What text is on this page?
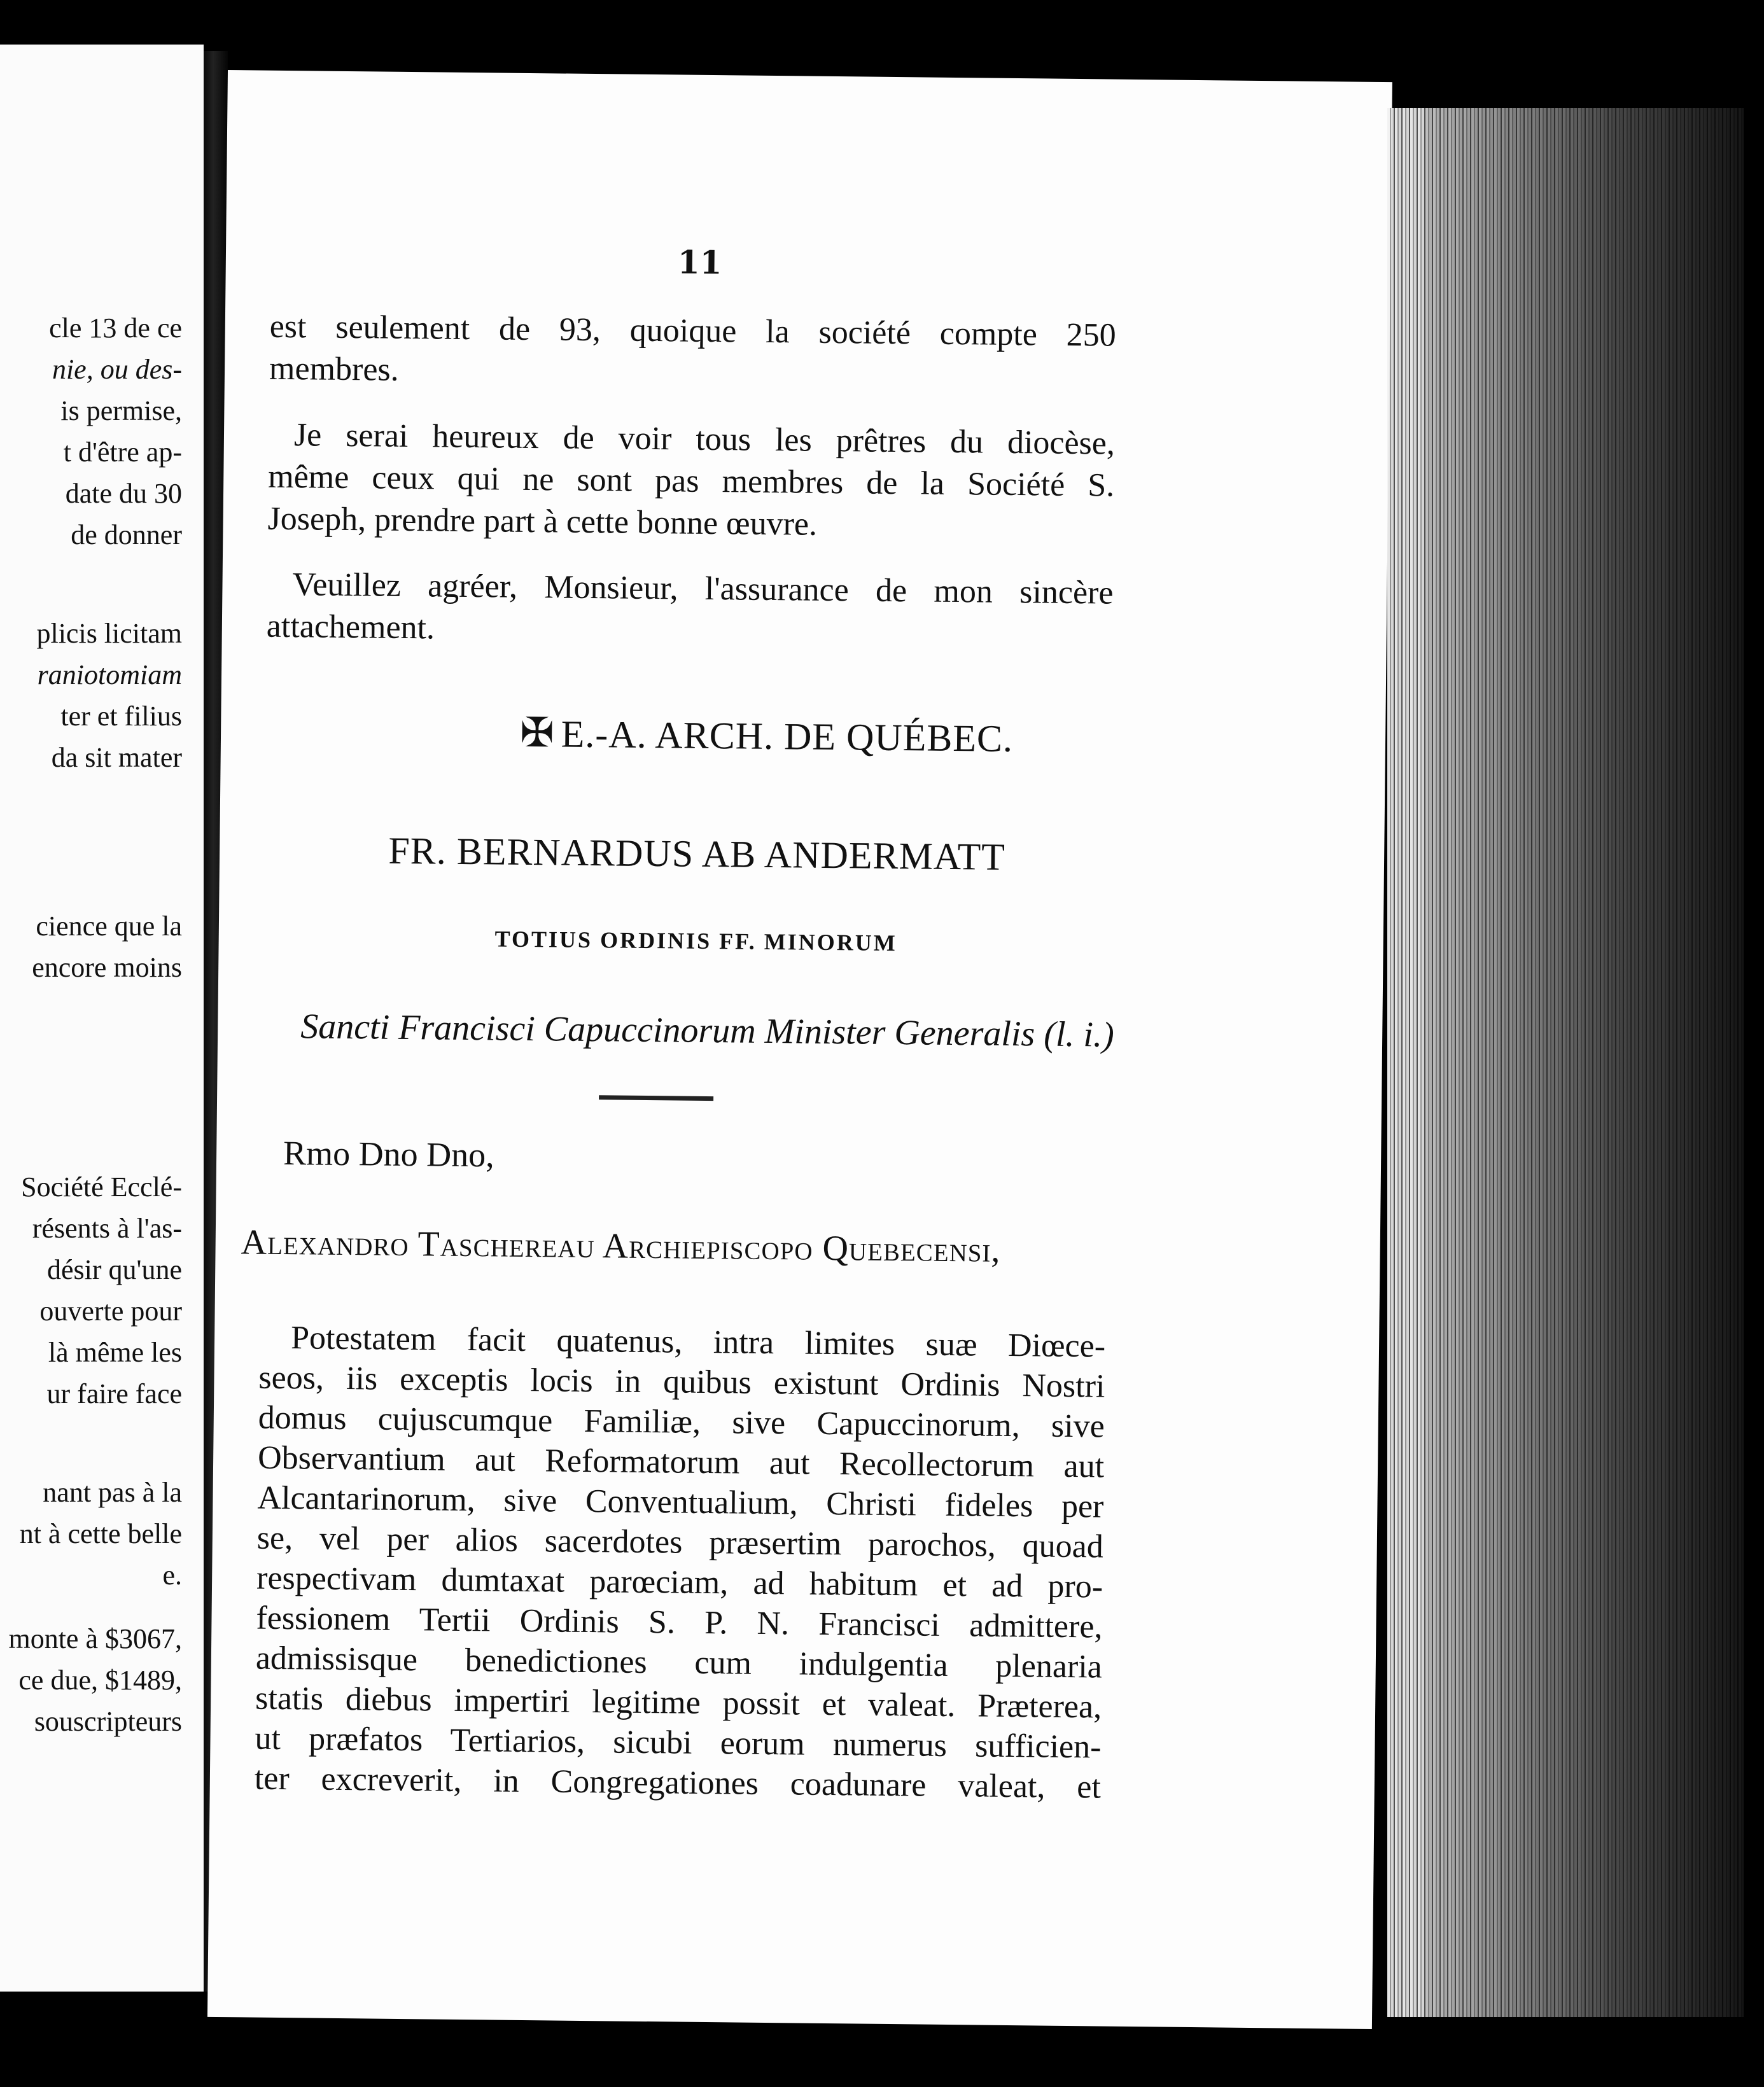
cle 13 de ce
nie, ou des-
is permise,
t d'être ap-
date du 30
de donner
plicis licitam
raniotomiam
ter et filius
da sit mater
cience que la
encore moins
Société Ecclé-
résents à l'as-
désir qu'une
ouverte pour
là même les
ur faire face
nant pas à la
nt à cette belle
e.
monte à $3067,
ce due, $1489,
souscripteurs
11
est seulement de 93, quoique la société compte 250
membres.
Je serai heureux de voir tous les prêtres du diocèse,
même ceux qui ne sont pas membres de la Société S.
Joseph, prendre part à cette bonne œuvre.
Veuillez agréer, Monsieur, l'assurance de mon sincère
attachement.
✠ E.-A. ARCH. DE QUÉBEC.
FR. BERNARDUS AB ANDERMATT
TOTIUS ORDINIS FF. MINORUM
Sancti Francisci Capuccinorum Minister Generalis (l. i.)
Rmo Dno Dno,
Alexandro Taschereau Archiepiscopo Quebecensi,
Potestatem facit quatenus, intra limites suæ Diœce-
seos, iis exceptis locis in quibus existunt Ordinis Nostri
domus cujuscumque Familiæ, sive Capuccinorum, sive
Observantium aut Reformatorum aut Recollectorum aut
Alcantarinorum, sive Conventualium, Christi fideles per
se, vel per alios sacerdotes præsertim parochos, quoad
respectivam dumtaxat parœciam, ad habitum et ad pro-
fessionem Tertii Ordinis S. P. N. Francisci admittere,
admissisque benedictiones cum indulgentia plenaria
statis diebus impertiri legitime possit et valeat. Præterea,
ut præfatos Tertiarios, sicubi eorum numerus sufficien-
ter excreverit, in Congregationes coadunare valeat, et
